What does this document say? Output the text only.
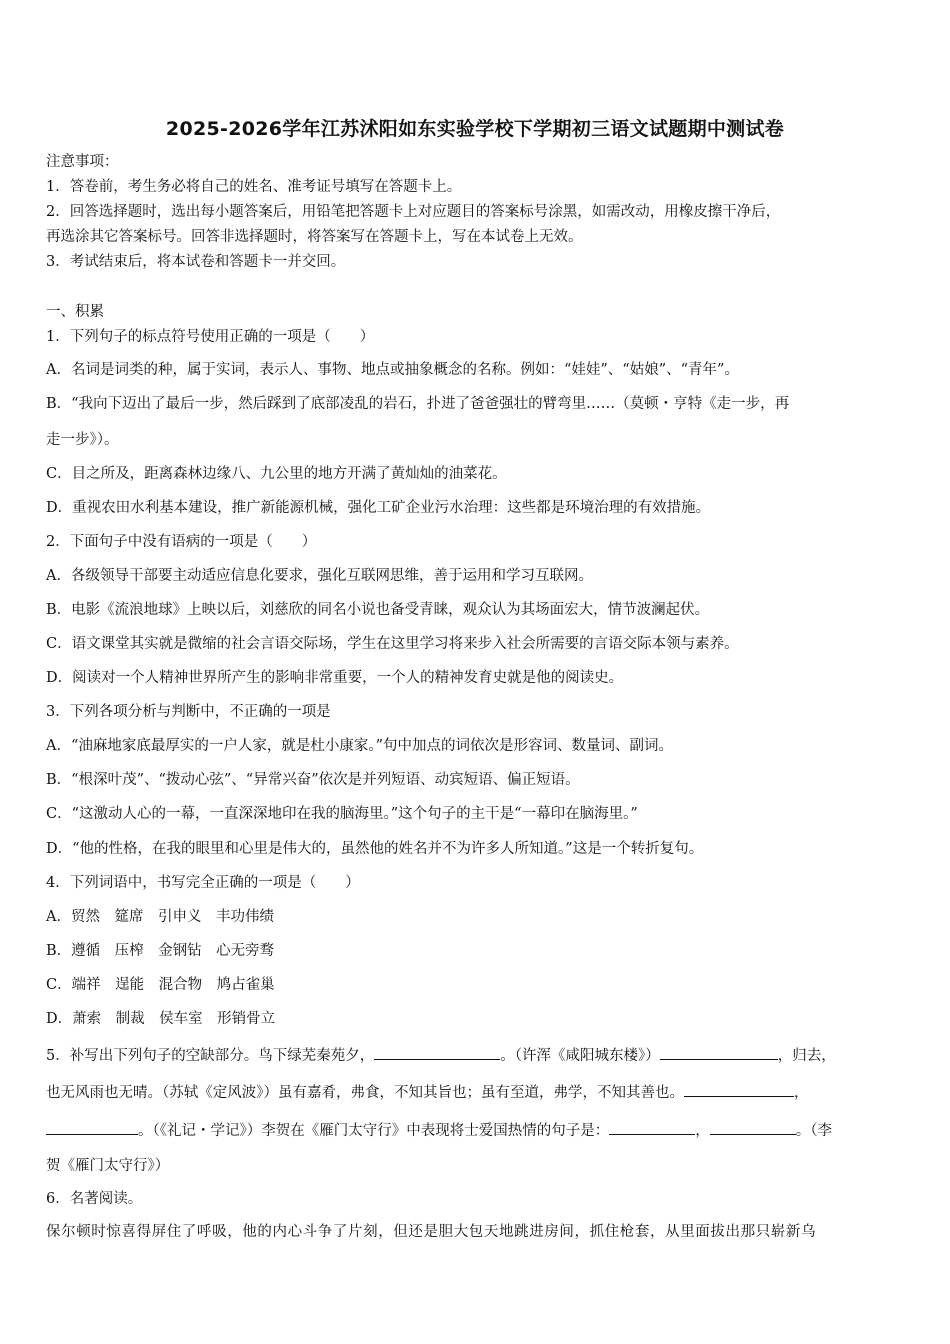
2025-2026学年江苏沭阳如东实验学校下学期初三语文试题期中测试卷
注意事项：
1．答卷前，考生务必将自己的姓名、准考证号填写在答题卡上。
2．回答选择题时，选出每小题答案后，用铅笔把答题卡上对应题目的答案标号涂黑，如需改动，用橡皮擦干净后，
再选涂其它答案标号。回答非选择题时，将答案写在答题卡上，写在本试卷上无效。
3．考试结束后，将本试卷和答题卡一并交回。
一、积累
1．下列句子的标点符号使用正确的一项是（　　）
A．名词是词类的种，属于实词，表示人、事物、地点或抽象概念的名称。例如：“娃娃”、“姑娘”、“青年”。
B．“我向下迈出了最后一步，然后踩到了底部凌乱的岩石，扑进了爸爸强壮的臂弯里……（莫顿・亨特《走一步，再
走一步》）。
C．目之所及，距离森林边缘八、九公里的地方开满了黄灿灿的油菜花。
D．重视农田水利基本建设，推广新能源机械，强化工矿企业污水治理：这些都是环境治理的有效措施。
2．下面句子中没有语病的一项是（　　）
A．各级领导干部要主动适应信息化要求，强化互联网思维，善于运用和学习互联网。
B．电影《流浪地球》上映以后，刘慈欣的同名小说也备受青睐，观众认为其场面宏大，情节波澜起伏。
C．语文课堂其实就是微缩的社会言语交际场，学生在这里学习将来步入社会所需要的言语交际本领与素养。
D．阅读对一个人精神世界所产生的影响非常重要，一个人的精神发育史就是他的阅读史。
3．下列各项分析与判断中，不正确的一项是
A．“油麻地家底最厚实的一户人家，就是杜小康家。”句中加点的词依次是形容词、数量词、副词。
B．“根深叶茂”、“拨动心弦”、“异常兴奋”依次是并列短语、动宾短语、偏正短语。
C．“这激动人心的一幕，一直深深地印在我的脑海里。”这个句子的主干是“一幕印在脑海里。”
D．“他的性格，在我的眼里和心里是伟大的，虽然他的姓名并不为许多人所知道。”这是一个转折复句。
4．下列词语中，书写完全正确的一项是（　　）
A．贸然　筵席　引申义　丰功伟绩
B．遵循　压榨　金钢钻　心无旁骛
C．端祥　逞能　混合物　鸠占雀巢
D．萧索　制裁　侯车室　形销骨立
5．补写出下列句子的空缺部分。鸟下绿芜秦苑夕，	。（许浑《咸阳城东楼》）	，归去，
也无风雨也无晴。（苏轼《定风波》）虽有嘉肴，弗食，不知其旨也；虽有至道，弗学，不知其善也。	，
。（《礼记・学记》）李贺在《雁门太守行》中表现将士爱国热情的句子是：	，	。（李
贺《雁门太守行》）
6．名著阅读。
保尔顿时惊喜得屏住了呼吸，他的内心斗争了片刻，但还是胆大包天地跳进房间，抓住枪套，从里面拔出那只崭新乌
